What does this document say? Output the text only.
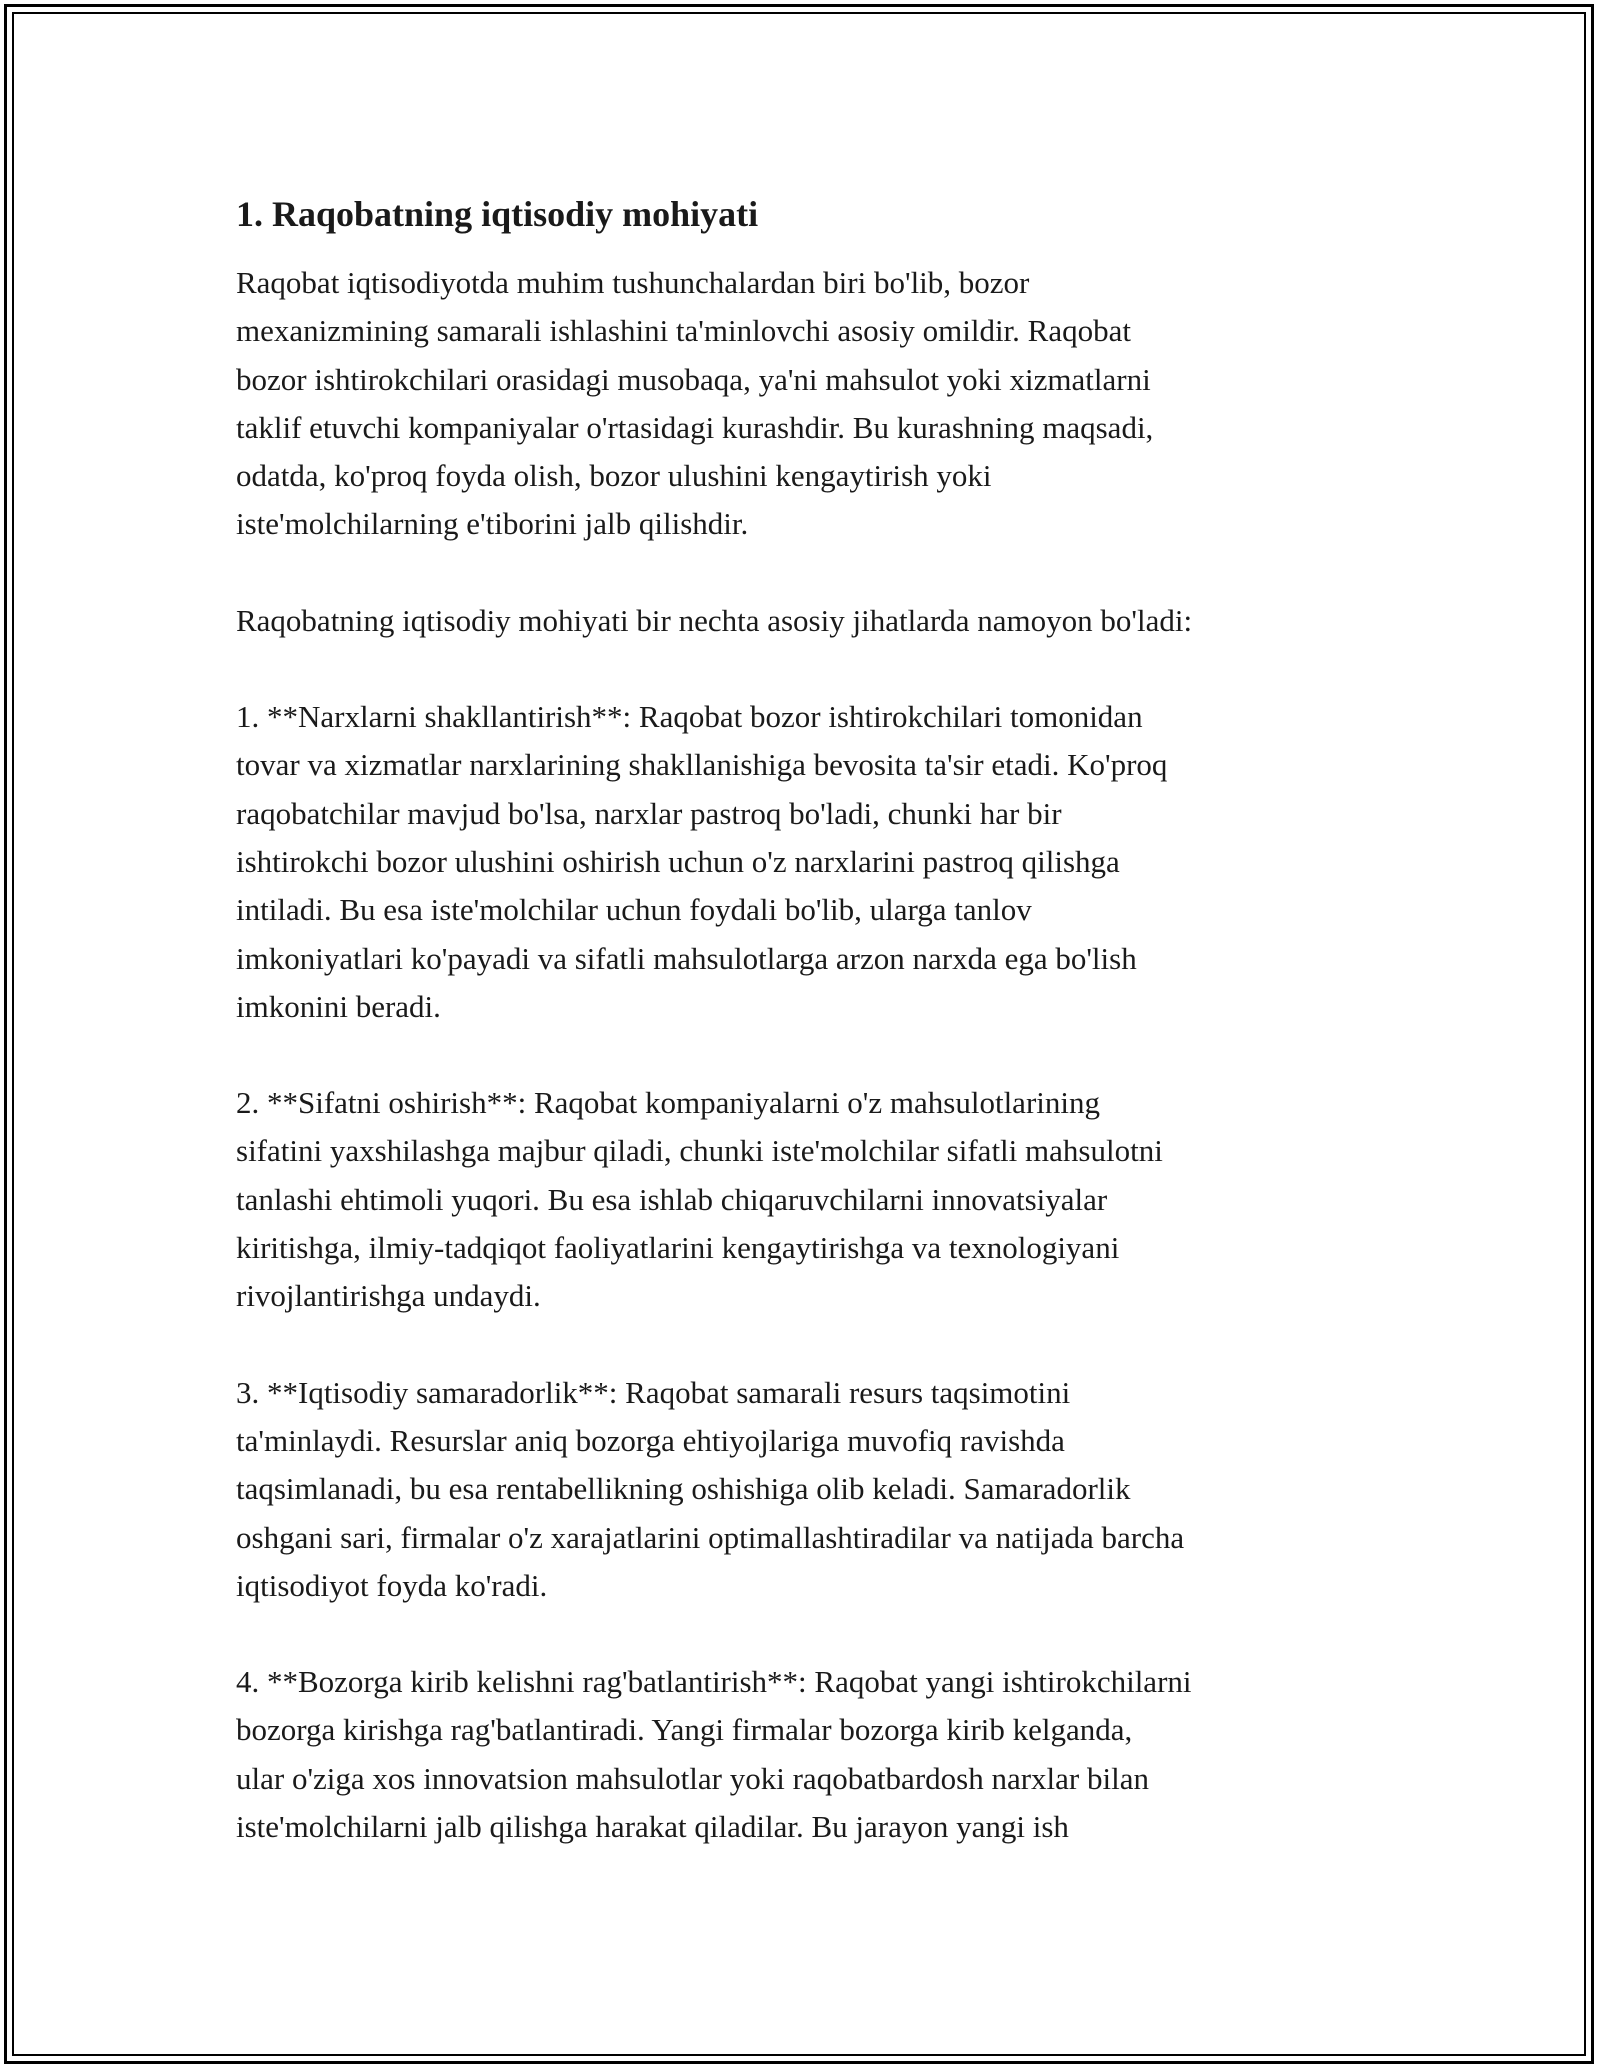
1. Raqobatning iqtisodiy mohiyati

Raqobat iqtisodiyotda muhim tushunchalardan biri bo'lib, bozor
mexanizmining samarali ishlashini ta'minlovchi asosiy omildir. Raqobat
bozor ishtirokchilari orasidagi musobaqa, ya'ni mahsulot yoki xizmatlarni
taklif etuvchi kompaniyalar o'rtasidagi kurashdir. Bu kurashning maqsadi,
odatda, ko'proq foyda olish, bozor ulushini kengaytirish yoki
iste'molchilarning e'tiborini jalb qilishdir.

Raqobatning iqtisodiy mohiyati bir nechta asosiy jihatlarda namoyon bo'ladi:

1. **Narxlarni shakllantirish**: Raqobat bozor ishtirokchilari tomonidan
tovar va xizmatlar narxlarining shakllanishiga bevosita ta'sir etadi. Ko'proq
raqobatchilar mavjud bo'lsa, narxlar pastroq bo'ladi, chunki har bir
ishtirokchi bozor ulushini oshirish uchun o'z narxlarini pastroq qilishga
intiladi. Bu esa iste'molchilar uchun foydali bo'lib, ularga tanlov
imkoniyatlari ko'payadi va sifatli mahsulotlarga arzon narxda ega bo'lish
imkonini beradi.

2. **Sifatni oshirish**: Raqobat kompaniyalarni o'z mahsulotlarining
sifatini yaxshilashga majbur qiladi, chunki iste'molchilar sifatli mahsulotni
tanlashi ehtimoli yuqori. Bu esa ishlab chiqaruvchilarni innovatsiyalar
kiritishga, ilmiy-tadqiqot faoliyatlarini kengaytirishga va texnologiyani
rivojlantirishga undaydi.

3. **Iqtisodiy samaradorlik**: Raqobat samarali resurs taqsimotini
ta'minlaydi. Resurslar aniq bozorga ehtiyojlariga muvofiq ravishda
taqsimlanadi, bu esa rentabellikning oshishiga olib keladi. Samaradorlik
oshgani sari, firmalar o'z xarajatlarini optimallashtiradilar va natijada barcha
iqtisodiyot foyda ko'radi.

4. **Bozorga kirib kelishni rag'batlantirish**: Raqobat yangi ishtirokchilarni
bozorga kirishga rag'batlantiradi. Yangi firmalar bozorga kirib kelganda,
ular o'ziga xos innovatsion mahsulotlar yoki raqobatbardosh narxlar bilan
iste'molchilarni jalb qilishga harakat qiladilar. Bu jarayon yangi ish
